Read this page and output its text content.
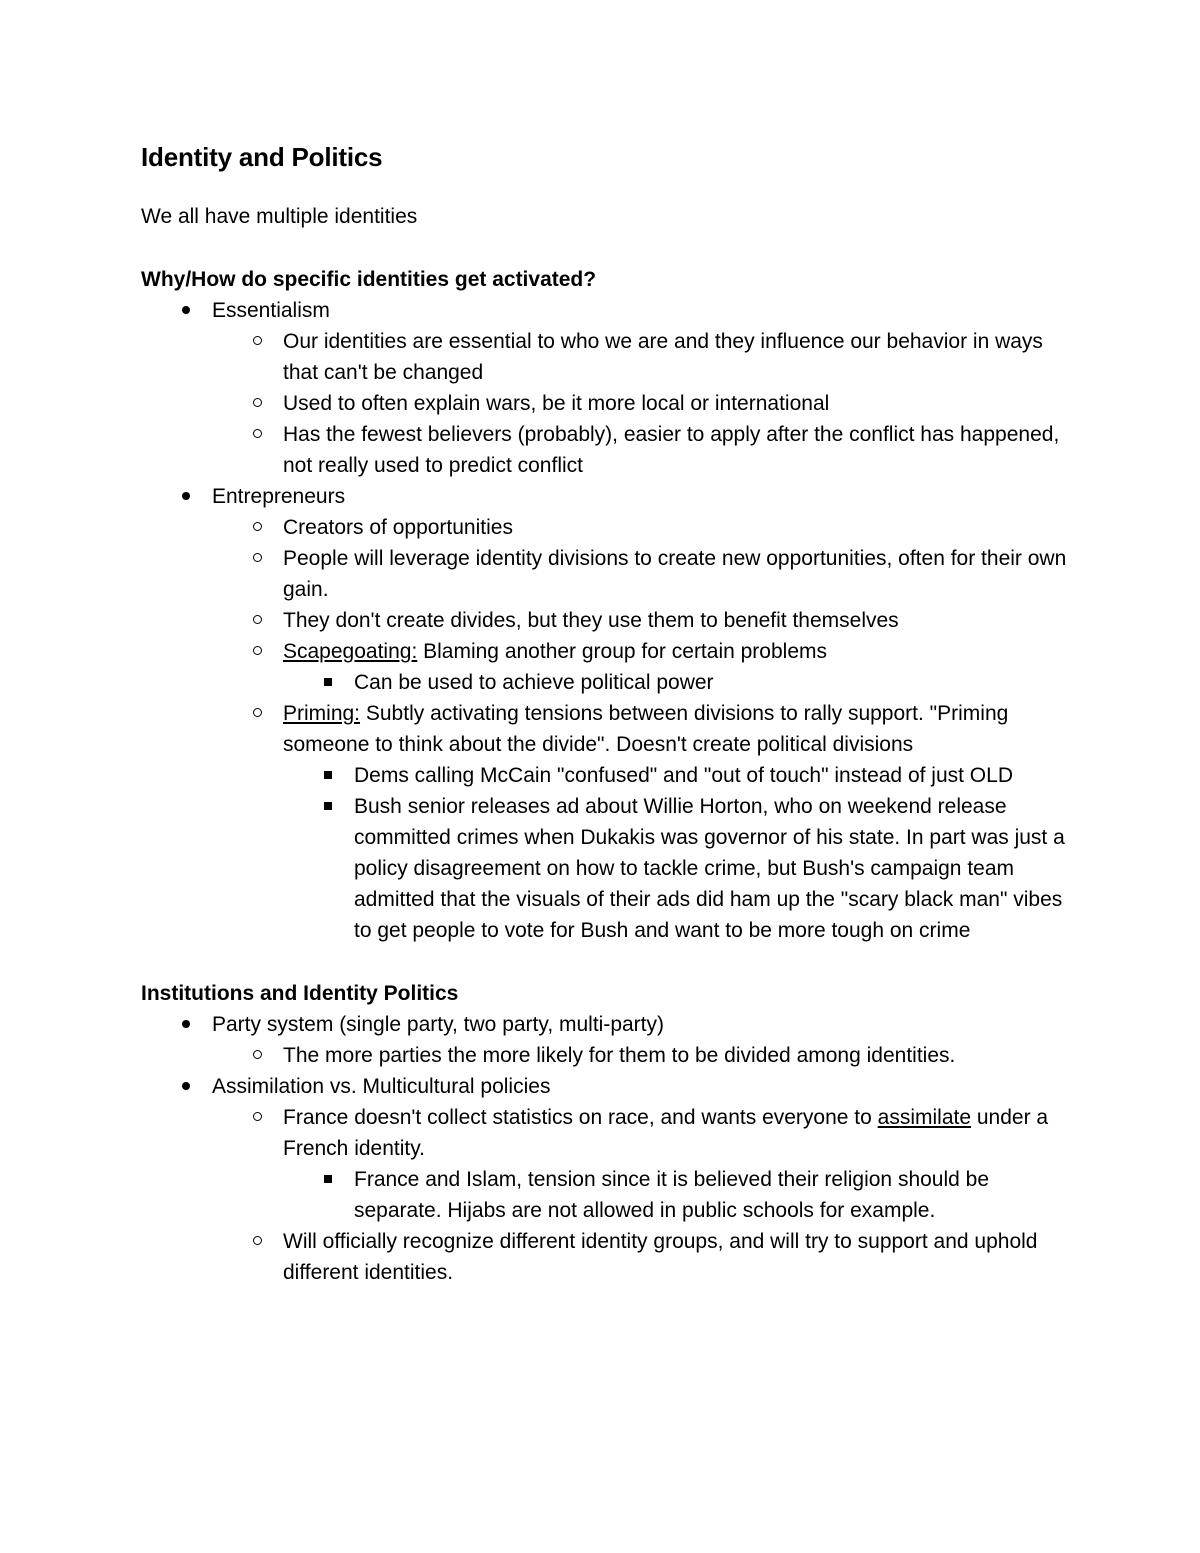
Identity and Politics
We all have multiple identities
Why/How do specific identities get activated?
Essentialism
Our identities are essential to who we are and they influence our behavior in ways that can't be changed
Used to often explain wars, be it more local or international
Has the fewest believers (probably), easier to apply after the conflict has happened, not really used to predict conflict
Entrepreneurs
Creators of opportunities
People will leverage identity divisions to create new opportunities, often for their own gain.
They don't create divides, but they use them to benefit themselves
Scapegoating: Blaming another group for certain problems
Can be used to achieve political power
Priming: Subtly activating tensions between divisions to rally support. "Priming someone to think about the divide". Doesn't create political divisions
Dems calling McCain "confused" and "out of touch" instead of just OLD
Bush senior releases ad about Willie Horton, who on weekend release committed crimes when Dukakis was governor of his state. In part was just a policy disagreement on how to tackle crime, but Bush's campaign team admitted that the visuals of their ads did ham up the "scary black man" vibes to get people to vote for Bush and want to be more tough on crime
Institutions and Identity Politics
Party system (single party, two party, multi-party)
The more parties the more likely for them to be divided among identities.
Assimilation vs. Multicultural policies
France doesn't collect statistics on race, and wants everyone to assimilate under a French identity.
France and Islam, tension since it is believed their religion should be separate. Hijabs are not allowed in public schools for example.
Will officially recognize different identity groups, and will try to support and uphold different identities.
